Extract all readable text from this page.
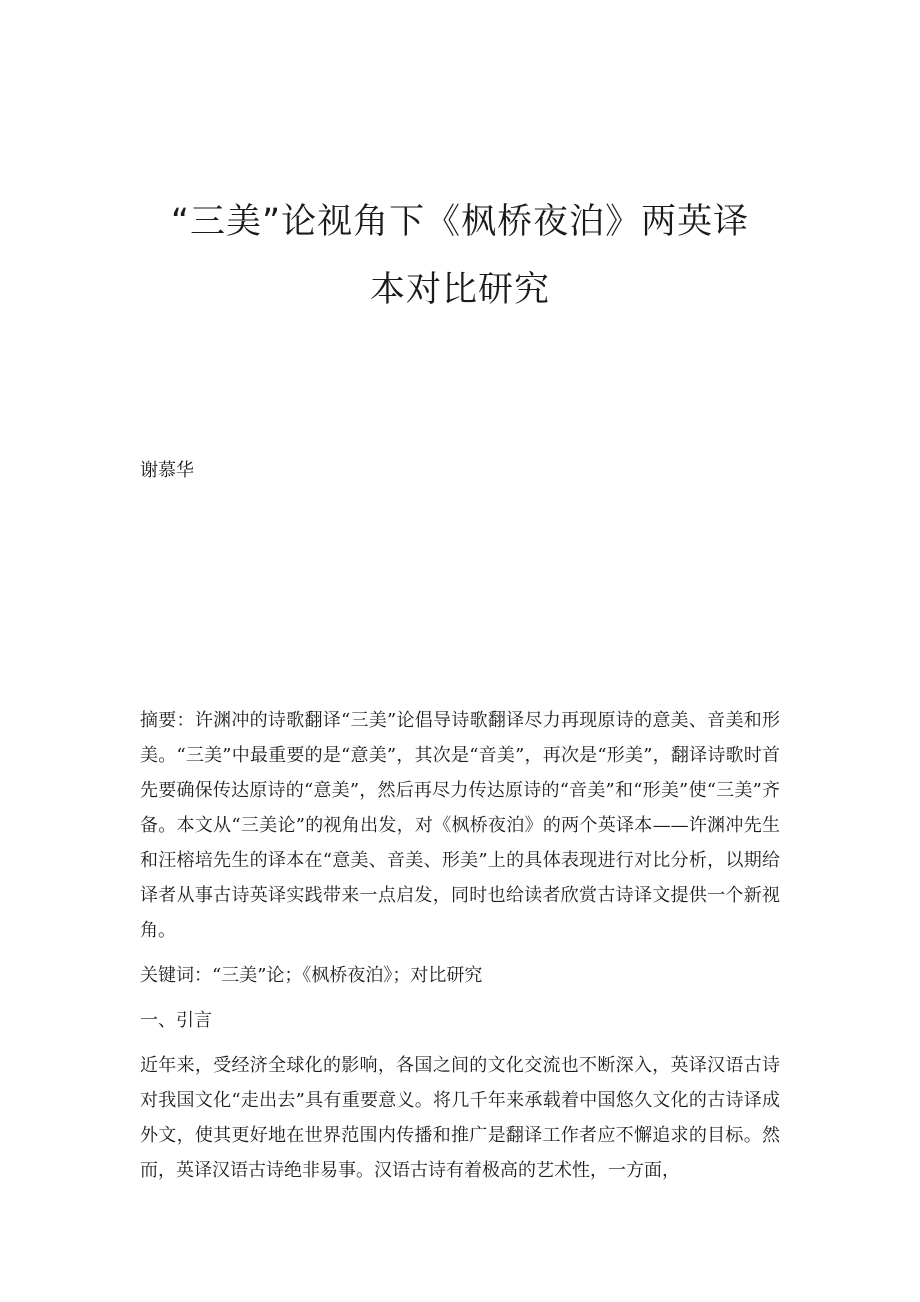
“三美”论视角下《枫桥夜泊》两英译
本对比研究

谢慕华

摘要：许渊冲的诗歌翻译“三美”论倡导诗歌翻译尽力再现原诗的意美、音美和形美。“三美”中最重要的是“意美”，其次是“音美”，再次是“形美”，翻译诗歌时首先要确保传达原诗的“意美”，然后再尽力传达原诗的“音美”和“形美”使“三美”齐备。本文从“三美论”的视角出发，对《枫桥夜泊》的两个英译本——许渊冲先生和汪榕培先生的译本在“意美、音美、形美”上的具体表现进行对比分析，以期给译者从事古诗英译实践带来一点启发，同时也给读者欣赏古诗译文提供一个新视角。

关键词：“三美”论；《枫桥夜泊》；对比研究

一、引言

近年来，受经济全球化的影响，各国之间的文化交流也不断深入，英译汉语古诗对我国文化“走出去”具有重要意义。将几千年来承载着中国悠久文化的古诗译成外文，使其更好地在世界范围内传播和推广是翻译工作者应不懈追求的目标。然而，英译汉语古诗绝非易事。汉语古诗有着极高的艺术性，一方面，
